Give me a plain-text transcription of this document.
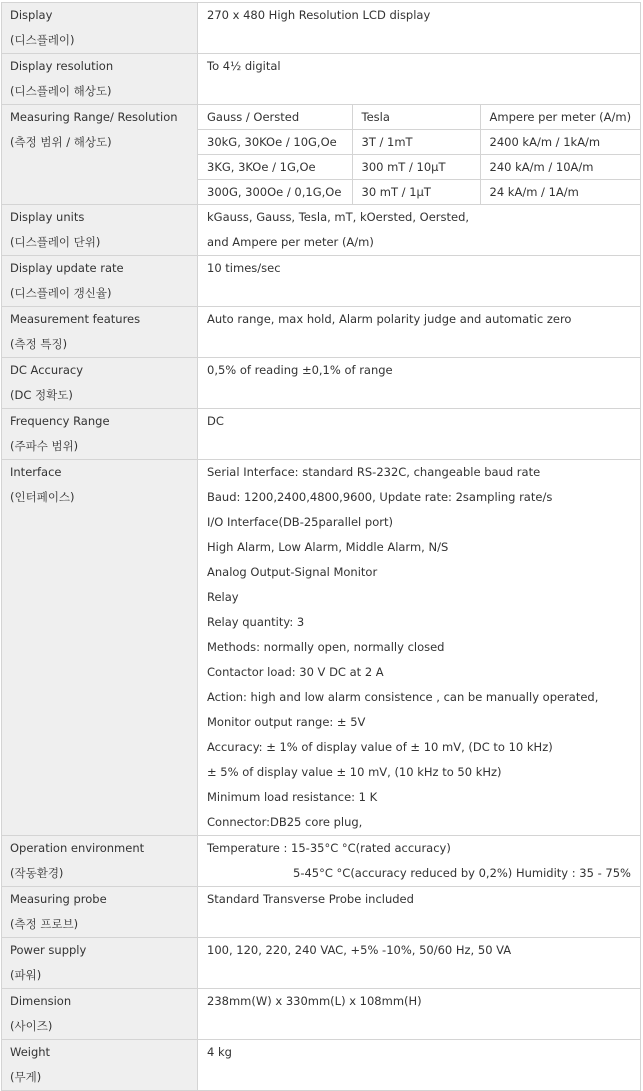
Display
(디스플레이)

270 x 480 High Resolution LCD display

Display resolution
(디스플레이 해상도)

To 4½ digital

Measuring Range/ Resolution
(측정 범위 / 해상도)

Gauss / Oersted	Tesla	Ampere per meter (A/m)

30kG, 30KOe / 10G,Oe	3T / 1mT	2400 kA/m / 1kA/m

3KG, 3KOe / 1G,Oe	300 mT / 10μT	240 kA/m / 10A/m

300G, 300Oe / 0,1G,Oe	30 mT / 1μT	24 kA/m / 1A/m

Display units
(디스플레이 단위)

kGauss, Gauss, Tesla, mT, kOersted, Oersted,
and Ampere per meter (A/m)

Display update rate
(디스플레이 갱신율)

10 times/sec

Measurement features
(측정 특징)

Auto range, max hold, Alarm polarity judge and automatic zero

DC Accuracy
(DC 정확도)

0,5% of reading ±0,1% of range

Frequency Range
(주파수 범위)

DC

Interface
(인터페이스)

Serial Interface: standard RS-232C, changeable baud rate
Baud: 1200,2400,4800,9600, Update rate: 2sampling rate/s
I/O Interface(DB-25parallel port)
High Alarm, Low Alarm, Middle Alarm, N/S
Analog Output-Signal Monitor
Relay
Relay quantity: 3
Methods: normally open, normally closed
Contactor load: 30 V DC at 2 A
Action: high and low alarm consistence , can be manually operated,
Monitor output range: ± 5V
Accuracy: ± 1% of display value of ± 10 mV, (DC to 10 kHz)
± 5% of display value ± 10 mV, (10 kHz to 50 kHz)
Minimum load resistance: 1 K
Connector:DB25 core plug,

Operation environment
(작동환경)

Temperature : 15-35°C °C(rated accuracy)
5-45°C °C(accuracy reduced by 0,2%) Humidity : 35 - 75%

Measuring probe
(측정 프로브)

Standard Transverse Probe included

Power supply
(파워)

100, 120, 220, 240 VAC, +5% -10%, 50/60 Hz, 50 VA

Dimension
(사이즈)

238mm(W) x 330mm(L) x 108mm(H)

Weight
(무게)

4 kg
